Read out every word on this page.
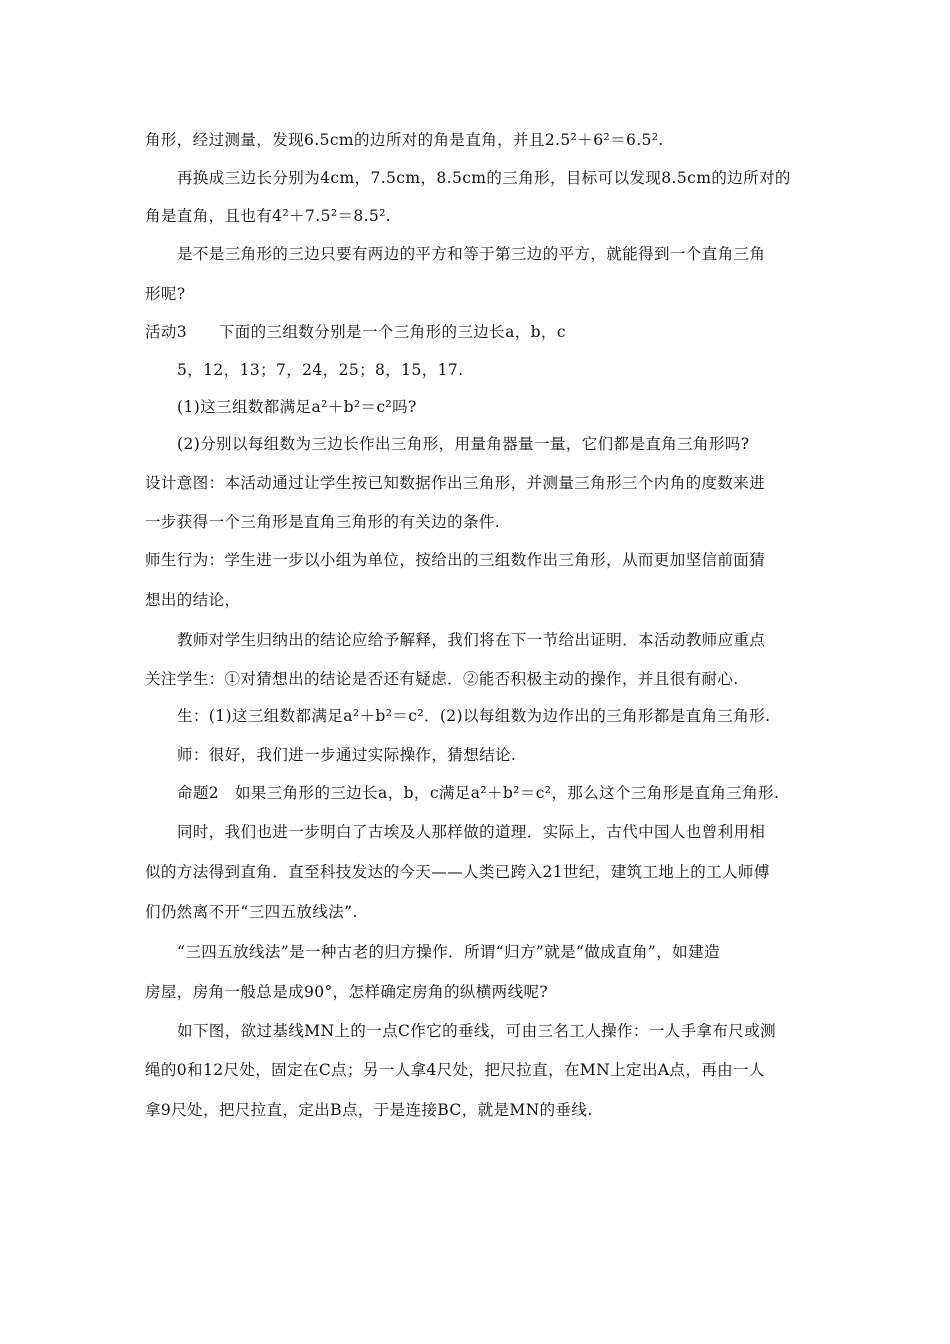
角形，经过测量，发现6.5cm的边所对的角是直角，并且2.5²＋6²＝6.5².
再换成三边长分别为4cm，7.5cm，8.5cm的三角形，目标可以发现8.5cm的边所对的
角是直角，且也有4²＋7.5²＝8.5².
是不是三角形的三边只要有两边的平方和等于第三边的平方，就能得到一个直角三角
形呢?
活动3　　下面的三组数分别是一个三角形的三边长a，b，c
5，12，13；7，24，25；8，15，17.
(1)这三组数都满足a²＋b²＝c²吗?
(2)分别以每组数为三边长作出三角形，用量角器量一量，它们都是直角三角形吗?
设计意图：本活动通过让学生按已知数据作出三角形，并测量三角形三个内角的度数来进
一步获得一个三角形是直角三角形的有关边的条件.
师生行为：学生进一步以小组为单位，按给出的三组数作出三角形，从而更加坚信前面猜
想出的结论，
教师对学生归纳出的结论应给予解释，我们将在下一节给出证明．本活动教师应重点
关注学生：①对猜想出的结论是否还有疑虑．②能否积极主动的操作，并且很有耐心.
生：(1)这三组数都满足a²＋b²＝c²．(2)以每组数为边作出的三角形都是直角三角形.
师：很好，我们进一步通过实际操作，猜想结论.
命题2　如果三角形的三边长a，b，c满足a²＋b²＝c²，那么这个三角形是直角三角形.
同时，我们也进一步明白了古埃及人那样做的道理．实际上，古代中国人也曾利用相
似的方法得到直角．直至科技发达的今天——人类已跨入21世纪，建筑工地上的工人师傅
们仍然离不开“三四五放线法”.
“三四五放线法”是一种古老的归方操作．所谓“归方”就是“做成直角”，如建造
房屋，房角一般总是成90°，怎样确定房角的纵横两线呢?
如下图，欲过基线MN上的一点C作它的垂线，可由三名工人操作：一人手拿布尺或测
绳的0和12尺处，固定在C点；另一人拿4尺处，把尺拉直，在MN上定出A点，再由一人
拿9尺处，把尺拉直，定出B点，于是连接BC，就是MN的垂线.
